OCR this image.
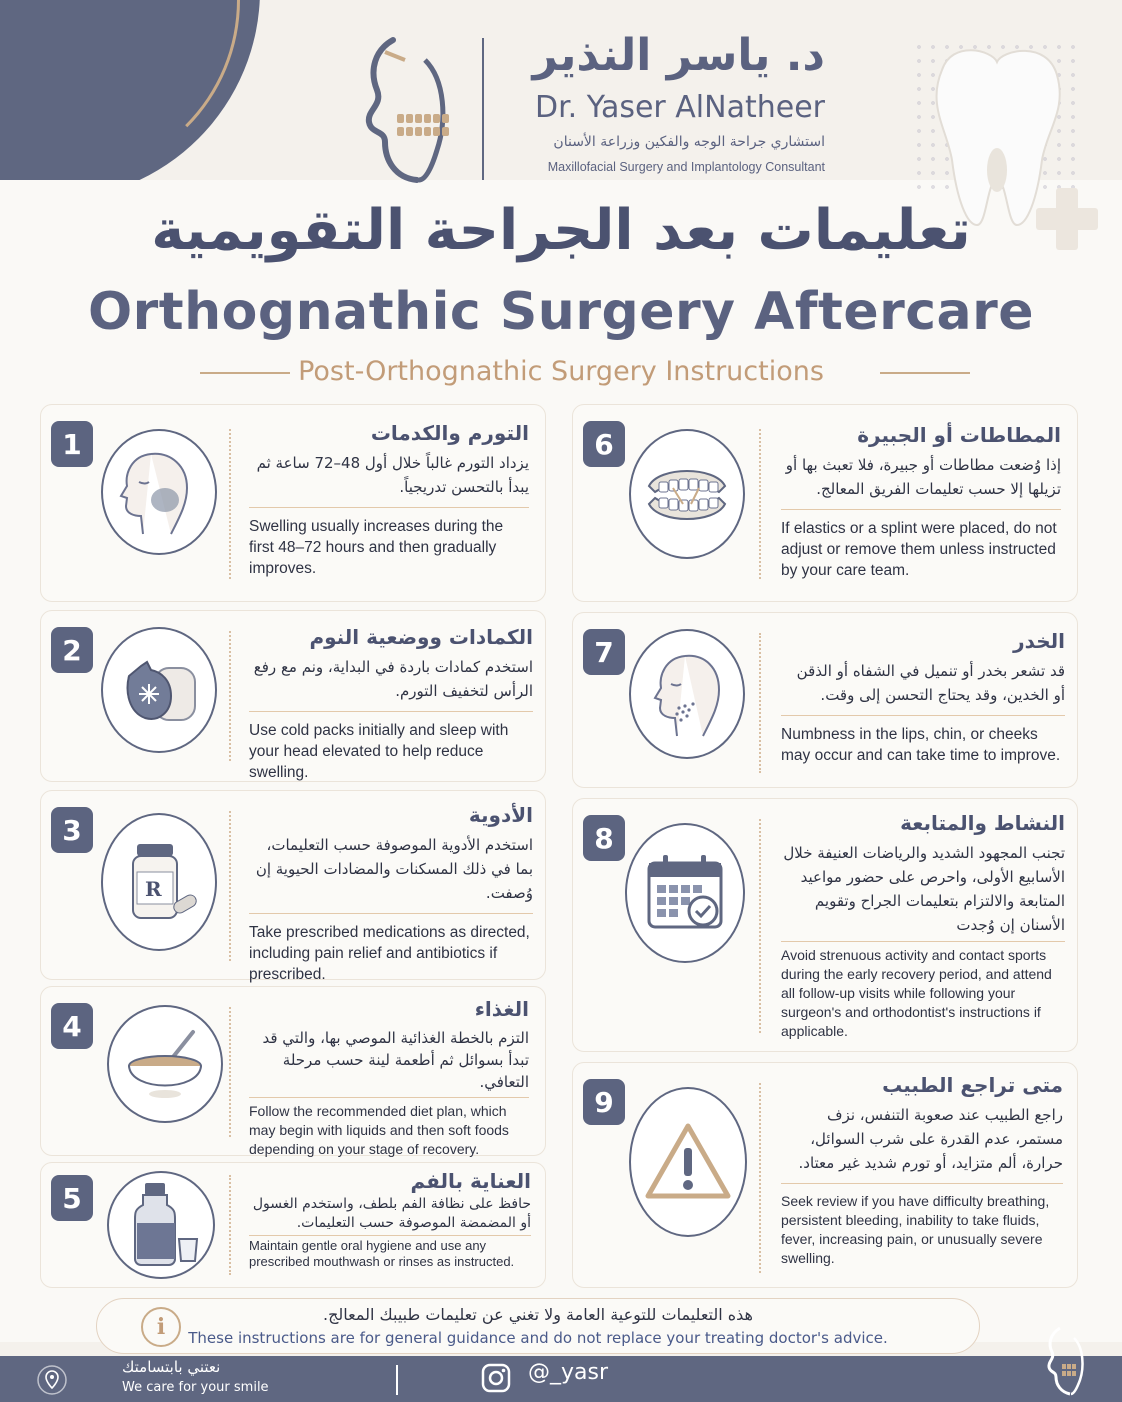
د. ياسر النذير
Dr. Yaser AlNatheer
استشاري جراحة الوجه والفكين وزراعة الأسنان
Maxillofacial Surgery and Implantology Consultant
تعليمات بعد الجراحة التقويمية
Orthognathic Surgery Aftercare
Post-Orthognathic Surgery Instructions
1	التورم والكدمات
يزداد التورم غالباً خلال أول 48–72 ساعة ثم يبدأ بالتحسن تدريجياً.
Swelling usually increases during the first 48–72 hours and then gradually improves.
2	الكمادات ووضعية النوم
استخدم كمادات باردة في البداية، ونم مع رفع الرأس لتخفيف التورم.
Use cold packs initially and sleep with your head elevated to help reduce swelling.
3
R
الأدوية
استخدم الأدوية الموصوفة حسب التعليمات، بما في ذلك المسكنات والمضادات الحيوية إن وُصفت.
Take prescribed medications as directed, including pain relief and antibiotics if prescribed.
4
الغذاء
التزم بالخطة الغذائية الموصي بها، والتي قد تبدأ بسوائل ثم أطعمة لينة حسب مرحلة التعافي.
Follow the recommended diet plan, which may begin with liquids and then soft foods depending on your stage of recovery.
5
العناية بالفم
حافظ على نظافة الفم بلطف، واستخدم الغسول أو المضمضة الموصوفة حسب التعليمات.
Maintain gentle oral hygiene and use any prescribed mouthwash or rinses as instructed.
6	المطاطات أو الجبيرة
إذا وُضعت مطاطات أو جبيرة، فلا تعبث بها أو تزيلها إلا حسب تعليمات الفريق المعالج.
If elastics or a splint were placed, do not adjust or remove them unless instructed by your care team.
7	الخدر
قد تشعر بخدر أو تنميل في الشفاه أو الذقن أو الخدين، وقد يحتاج التحسن إلى وقت.
Numbness in the lips, chin, or cheeks may occur and can take time to improve.
8	النشاط والمتابعة
تجنب المجهود الشديد والرياضات العنيفة خلال الأسابيع الأولى، واحرص على حضور مواعيد المتابعة والالتزام بتعليمات الجراح وتقويم الأسنان إن وُجدت
Avoid strenuous activity and contact sports during the early recovery period, and attend all follow-up visits while following your surgeon's and orthodontist's instructions if applicable.
9
متى تراجع الطبيب
راجع الطبيب عند صعوبة التنفس، نزف مستمر، عدم القدرة على شرب السوائل، حرارة، ألم متزايد، أو تورم شديد غير معتاد.
Seek review if you have difficulty breathing, persistent bleeding, inability to take fluids, fever, increasing pain, or unusually severe swelling.
i	هذه التعليمات للتوعية العامة ولا تغني عن تعليمات طبيبك المعالج.
These instructions are for general guidance and do not replace your treating doctor's advice.
نعتني بابتسامتك
We care for your smile
@_yasr
